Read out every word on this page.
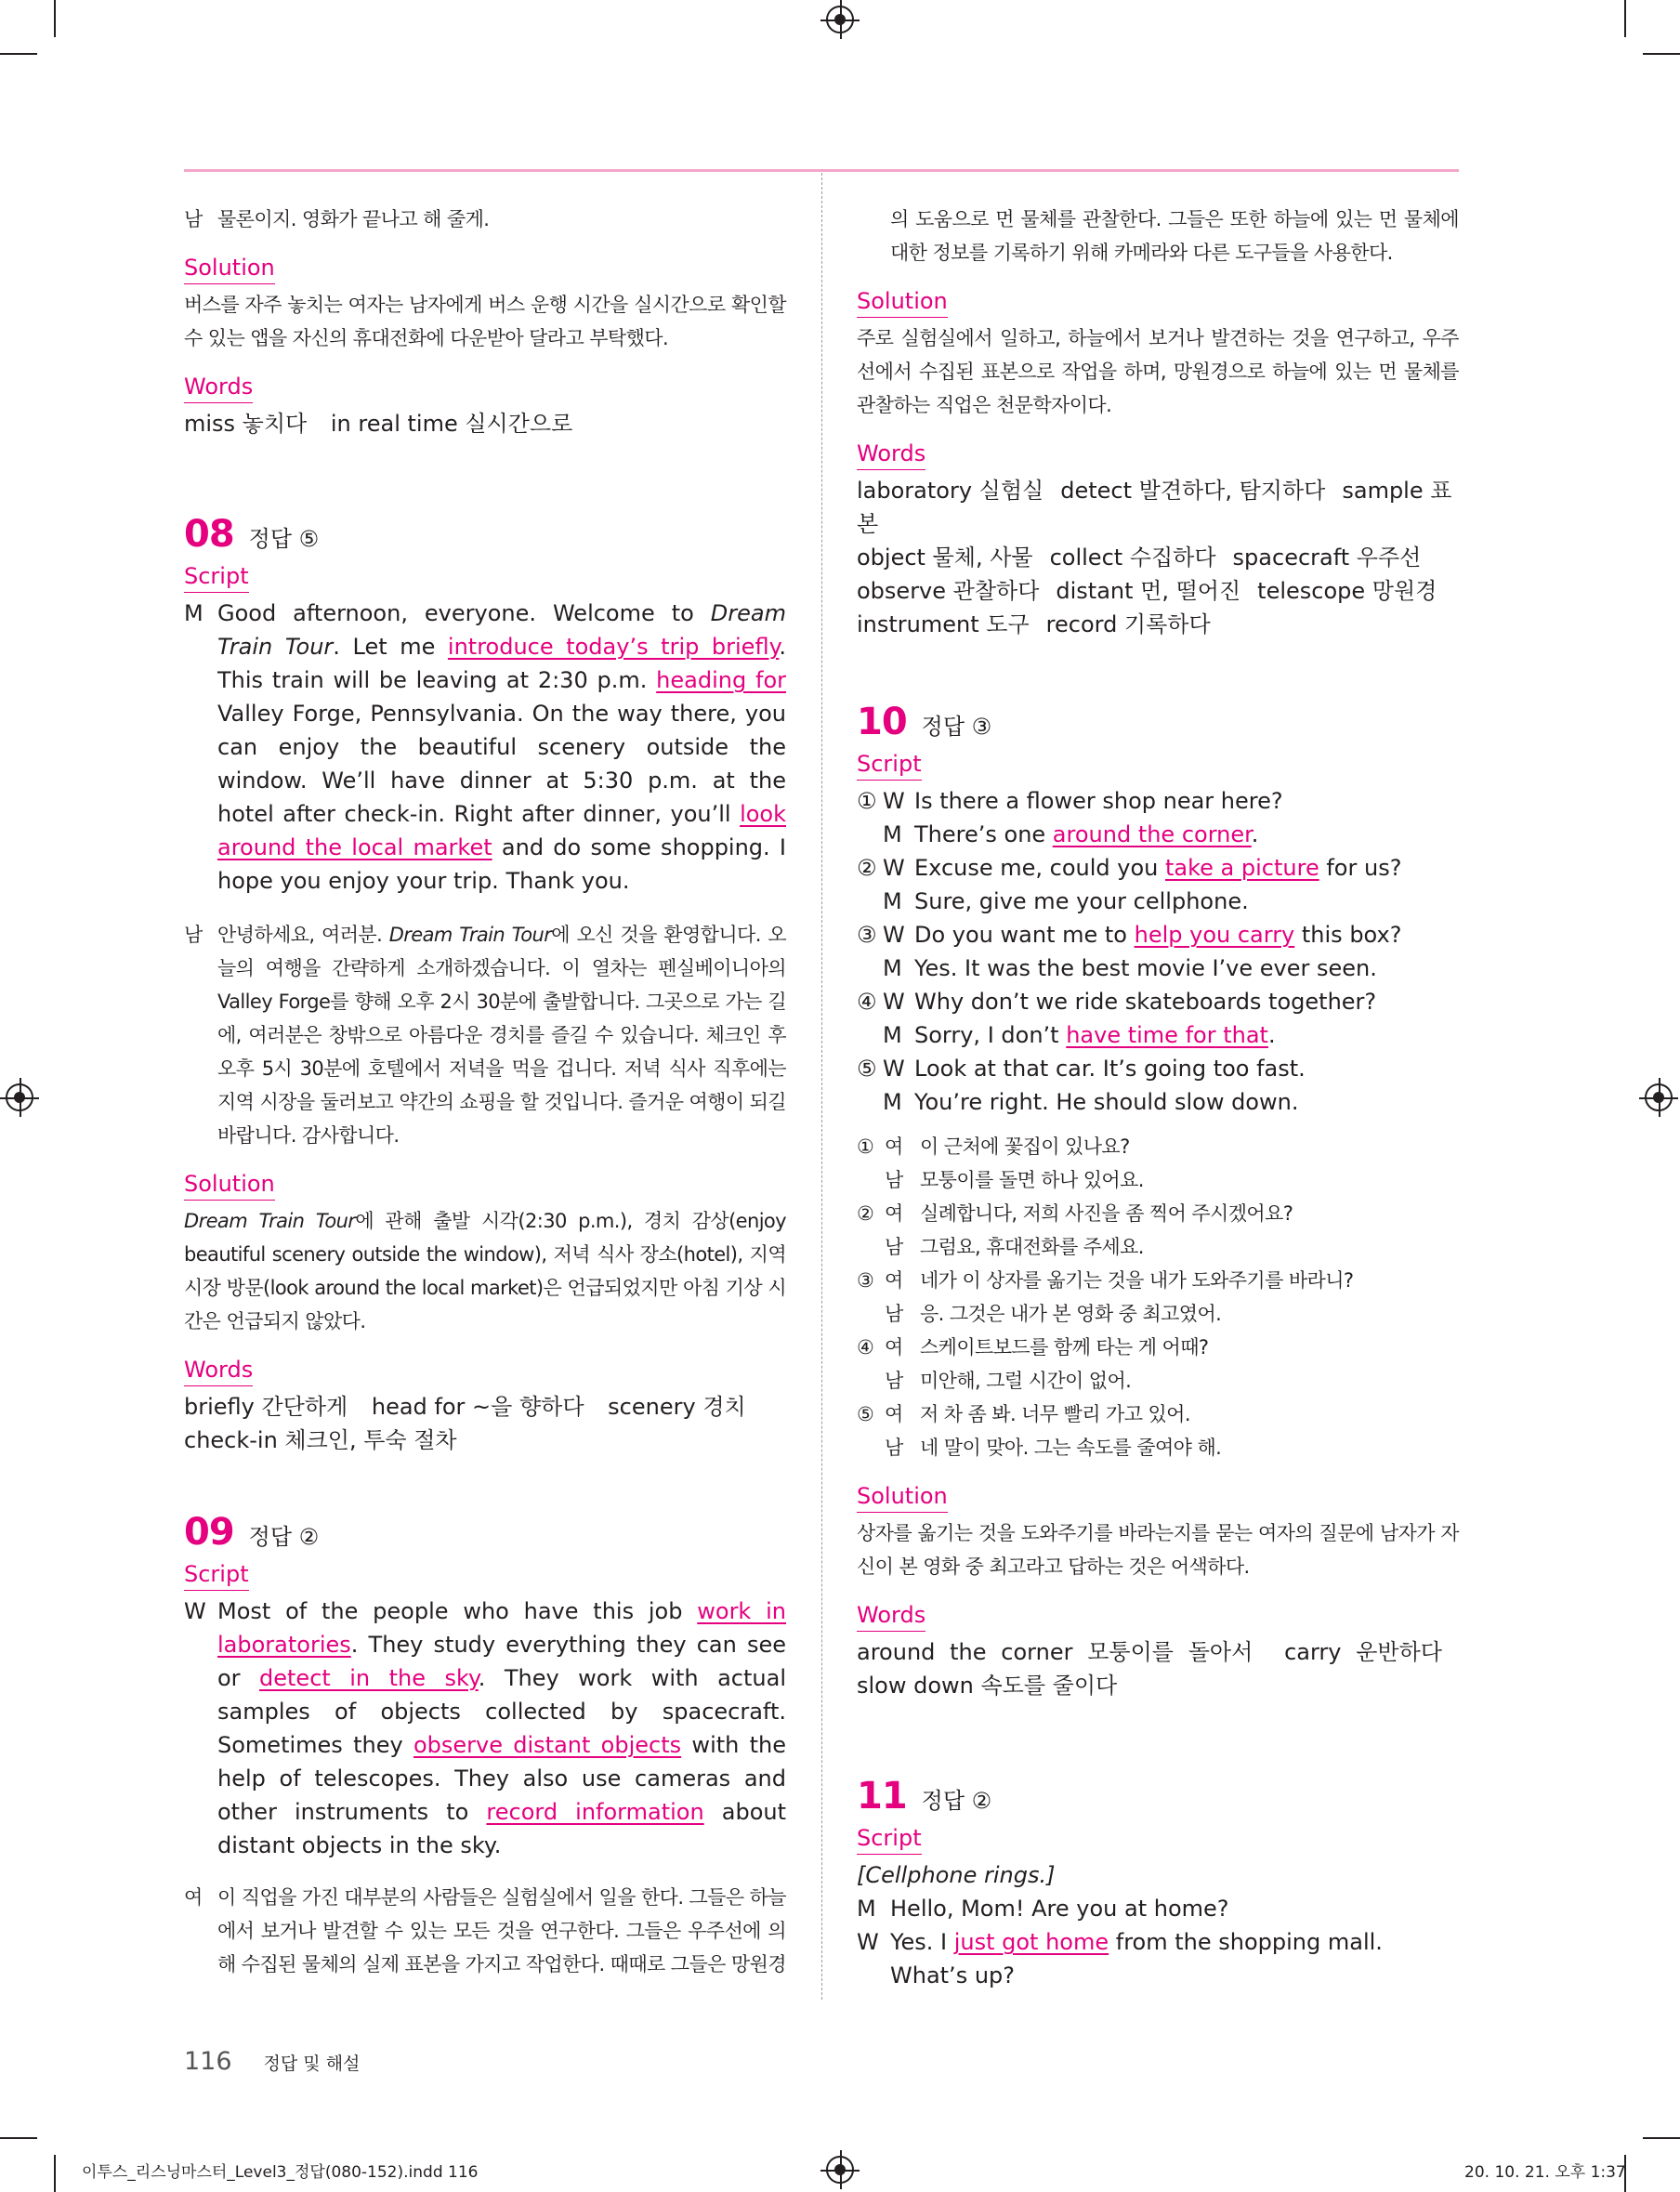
남 물론이지. 영화가 끝나고 해 줄게.
Solution
버스를 자주 놓치는 여자는 남자에게 버스 운행 시간을 실시간으로 확인할 수 있는 앱을 자신의 휴대전화에 다운받아 달라고 부탁했다.
Words
miss 놓치다 in real time 실시간으로
08 정답 ⑤
Script
M Good afternoon, everyone. Welcome to Dream Train Tour. Let me introduce today’s trip briefly. This train will be leaving at 2:30 p.m. heading for Valley Forge, Pennsylvania. On the way there, you can enjoy the beautiful scenery outside the window. We’ll have dinner at 5:30 p.m. at the hotel after check-in. Right after dinner, you’ll look around the local market and do some shopping. I hope you enjoy your trip. Thank you.
남 안녕하세요, 여러분. Dream Train Tour에 오신 것을 환영합니다. 오늘의 여행을 간략하게 소개하겠습니다. 이 열차는 펜실베이니아의 Valley Forge를 향해 오후 2시 30분에 출발합니다. 그곳으로 가는 길에, 여러분은 창밖으로 아름다운 경치를 즐길 수 있습니다. 체크인 후 오후 5시 30분에 호텔에서 저녁을 먹을 겁니다. 저녁 식사 직후에는 지역 시장을 둘러보고 약간의 쇼핑을 할 것입니다. 즐거운 여행이 되길 바랍니다. 감사합니다.
Solution
Dream Train Tour에 관해 출발 시각(2:30 p.m.), 경치 감상(enjoy beautiful scenery outside the window), 저녁 식사 장소(hotel), 지역 시장 방문(look around the local market)은 언급되었지만 아침 기상 시간은 언급되지 않았다.
Words
briefly 간단하게 head for ~을 향하다 scenery 경치 check-in 체크인, 투숙 절차
09 정답 ②
Script
W Most of the people who have this job work in laboratories. They study everything they can see or detect in the sky. They work with actual samples of objects collected by spacecraft. Sometimes they observe distant objects with the help of telescopes. They also use cameras and other instruments to record information about distant objects in the sky.
여 이 직업을 가진 대부분의 사람들은 실험실에서 일을 한다. 그들은 하늘에서 보거나 발견할 수 있는 모든 것을 연구한다. 그들은 우주선에 의해 수집된 물체의 실제 표본을 가지고 작업한다. 때때로 그들은 망원경
의 도움으로 먼 물체를 관찰한다. 그들은 또한 하늘에 있는 먼 물체에 대한 정보를 기록하기 위해 카메라와 다른 도구들을 사용한다.
Solution
주로 실험실에서 일하고, 하늘에서 보거나 발견하는 것을 연구하고, 우주선에서 수집된 표본으로 작업을 하며, 망원경으로 하늘에 있는 먼 물체를 관찰하는 직업은 천문학자이다.
Words
laboratory 실험실 detect 발견하다, 탐지하다 sample 표본
object 물체, 사물 collect 수집하다 spacecraft 우주선
observe 관찰하다 distant 먼, 떨어진 telescope 망원경
instrument 도구 record 기록하다
10 정답 ③
Script
① W Is there a flower shop near here?
M There’s one around the corner.
② W Excuse me, could you take a picture for us?
M Sure, give me your cellphone.
③ W Do you want me to help you carry this box?
M Yes. It was the best movie I’ve ever seen.
④ W Why don’t we ride skateboards together?
M Sorry, I don’t have time for that.
⑤ W Look at that car. It’s going too fast.
M You’re right. He should slow down.
① 여 이 근처에 꽃집이 있나요?
남 모퉁이를 돌면 하나 있어요.
② 여 실례합니다, 저희 사진을 좀 찍어 주시겠어요?
남 그럼요, 휴대전화를 주세요.
③ 여 네가 이 상자를 옮기는 것을 내가 도와주기를 바라니?
남 응. 그것은 내가 본 영화 중 최고였어.
④ 여 스케이트보드를 함께 타는 게 어때?
남 미안해, 그럴 시간이 없어.
⑤ 여 저 차 좀 봐. 너무 빨리 가고 있어.
남 네 말이 맞아. 그는 속도를 줄여야 해.
Solution
상자를 옮기는 것을 도와주기를 바라는지를 묻는 여자의 질문에 남자가 자신이 본 영화 중 최고라고 답하는 것은 어색하다.
Words
around the corner 모퉁이를 돌아서 carry 운반하다 slow down 속도를 줄이다
11 정답 ②
Script
[Cellphone rings.]
M Hello, Mom! Are you at home?
W Yes. I just got home from the shopping mall. What’s up?
116 정답 및 해설
이투스_리스닝마스터_Level3_정답(080-152).indd 116	20. 10. 21. 오후 1:37
